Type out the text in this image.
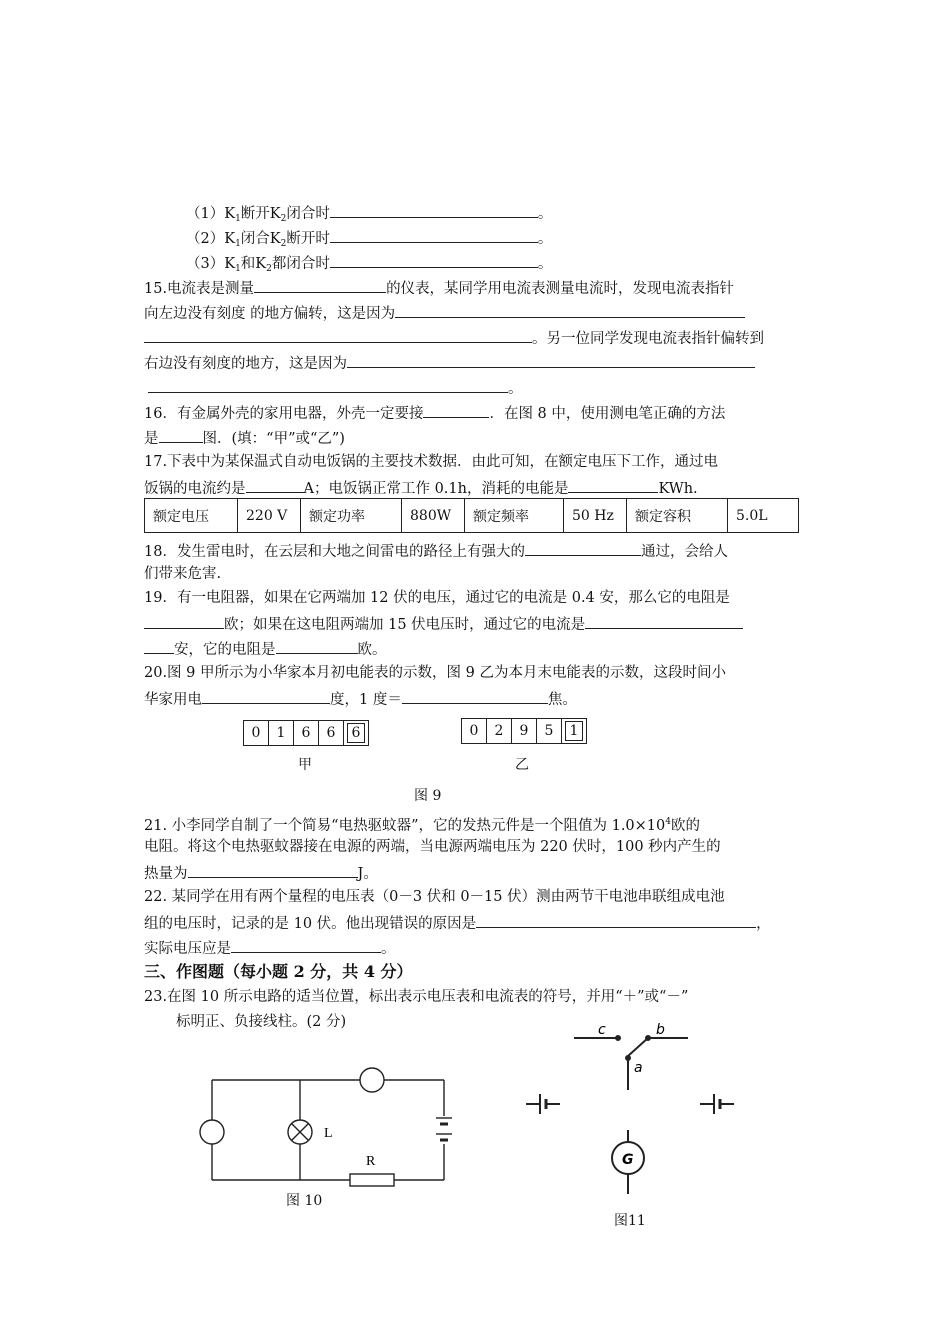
$(1)K_1$断开$K_2$闭合时	。
$(2)K_1$闭合$K_2$断开时	。
$(3)K_1$和$K_2$都闭合时	。
15.电流表是测量	的仪表，某同学用电流表测量电流时，发现电流表指针
向左边没有刻度 的地方偏转，这是因为
。另一位同学发现电流表指针偏转到
右边没有刻度的地方，这是因为
。
16．有金属外壳的家用电器，外壳一定要接	．在图 8 中，使用测电笔正确的方法
是	图．(填：“甲”或“乙”)
17.下表中为某保温式自动电饭锅的主要技术数据．由此可知，在额定电压下工作，通过电
饭锅的电流约是	A；电饭锅正常工作 0.1h，消耗的电能是	KWh.
额定电压	220 V	额定功率	880W	额定频率	50 Hz	额定容积	5.0L
18．发生雷电时，在云层和大地之间雷电的路径上有强大的	通过，会给人
们带来危害.
19．有一电阻器，如果在它两端加 12 伏的电压，通过它的电流是 0.4 安，那么它的电阻是
欧；如果在这电阻两端加 15 伏电压时，通过它的电流是
安，它的电阻是	欧。
20.图 9 甲所示为小华家本月初电能表的示数，图 9 乙为本月末电能表的示数，这段时间小
华家用电	度，1 度＝	焦。
0	1	6	6	6	0	2	9	5	1
甲	乙
图 9
21. 小李同学自制了一个简易“电热驱蚊器”，它的发热元件是一个阻值为 $1.0\times 10^4$欧的
电阻。将这个电热驱蚊器接在电源的两端，当电源两端电压为 220 伏时，100 秒内产生的
热量为	J。
22. 某同学在用有两个量程的电压表（0－3 伏和 0－15 伏）测由两节干电池串联组成电池
组的电压时，记录的是 10 伏。他出现错误的原因是	，
实际电压应是	。
三、作图题（每小题 2 分，共 4 分）
23.在图 10 所示电路的适当位置，标出表示电压表和电流表的符号，并用“＋”或“－”
标明正、负接线柱。(2 分)
L
R
图 10
G
c	b
a
图11
